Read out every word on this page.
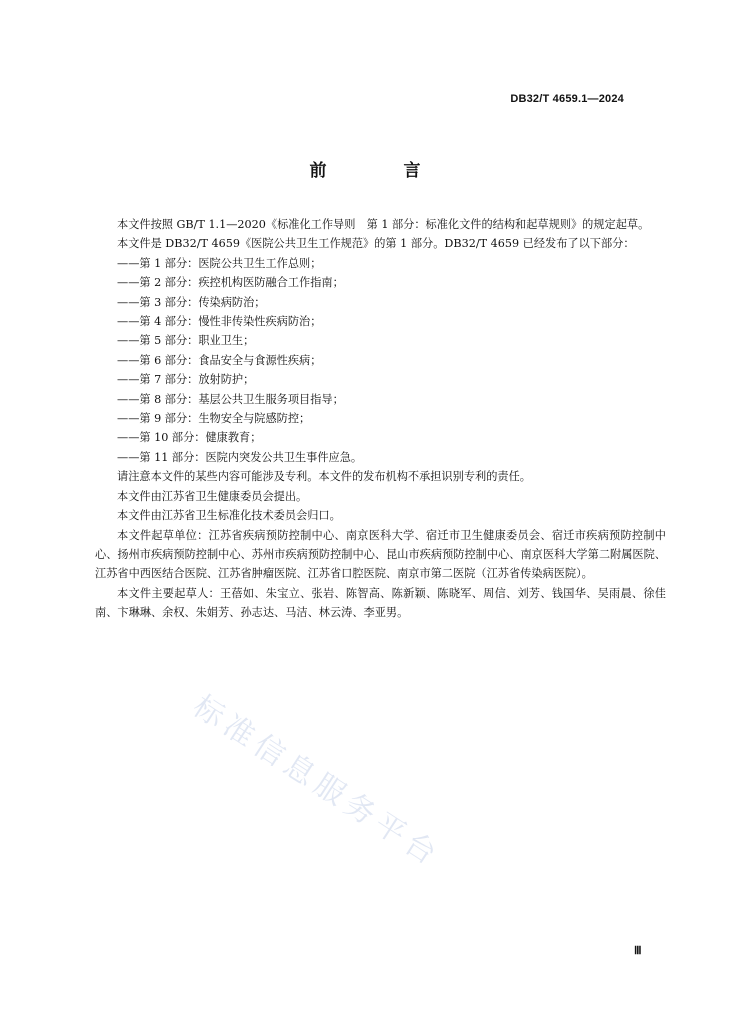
DB32/T 4659.1—2024
前　言

本文件按照 GB/T 1.1—2020《标准化工作导则　第 1 部分：标准化文件的结构和起草规则》的规定起草。

本文件是 DB32/T 4659《医院公共卫生工作规范》的第 1 部分。DB32/T 4659 已经发布了以下部分：

——第 1 部分：医院公共卫生工作总则；
——第 2 部分：疾控机构医防融合工作指南；
——第 3 部分：传染病防治；
——第 4 部分：慢性非传染性疾病防治；
——第 5 部分：职业卫生；
——第 6 部分：食品安全与食源性疾病；
——第 7 部分：放射防护；
——第 8 部分：基层公共卫生服务项目指导；
——第 9 部分：生物安全与院感防控；
——第 10 部分：健康教育；
——第 11 部分：医院内突发公共卫生事件应急。

请注意本文件的某些内容可能涉及专利。本文件的发布机构不承担识别专利的责任。

本文件由江苏省卫生健康委员会提出。

本文件由江苏省卫生标准化技术委员会归口。

本文件起草单位：江苏省疾病预防控制中心、南京医科大学、宿迁市卫生健康委员会、宿迁市疾病预防控制中心、扬州市疾病预防控制中心、苏州市疾病预防控制中心、昆山市疾病预防控制中心、南京医科大学第二附属医院、江苏省中西医结合医院、江苏省肿瘤医院、江苏省口腔医院、南京市第二医院（江苏省传染病医院）。

本文件主要起草人：王蓓如、朱宝立、张岩、陈智高、陈新颖、陈晓军、周信、刘芳、钱国华、吴雨晨、徐佳南、卞琳琳、余权、朱娟芳、孙志达、马洁、林云涛、李亚男。

标准信息服务平台
Ⅲ
